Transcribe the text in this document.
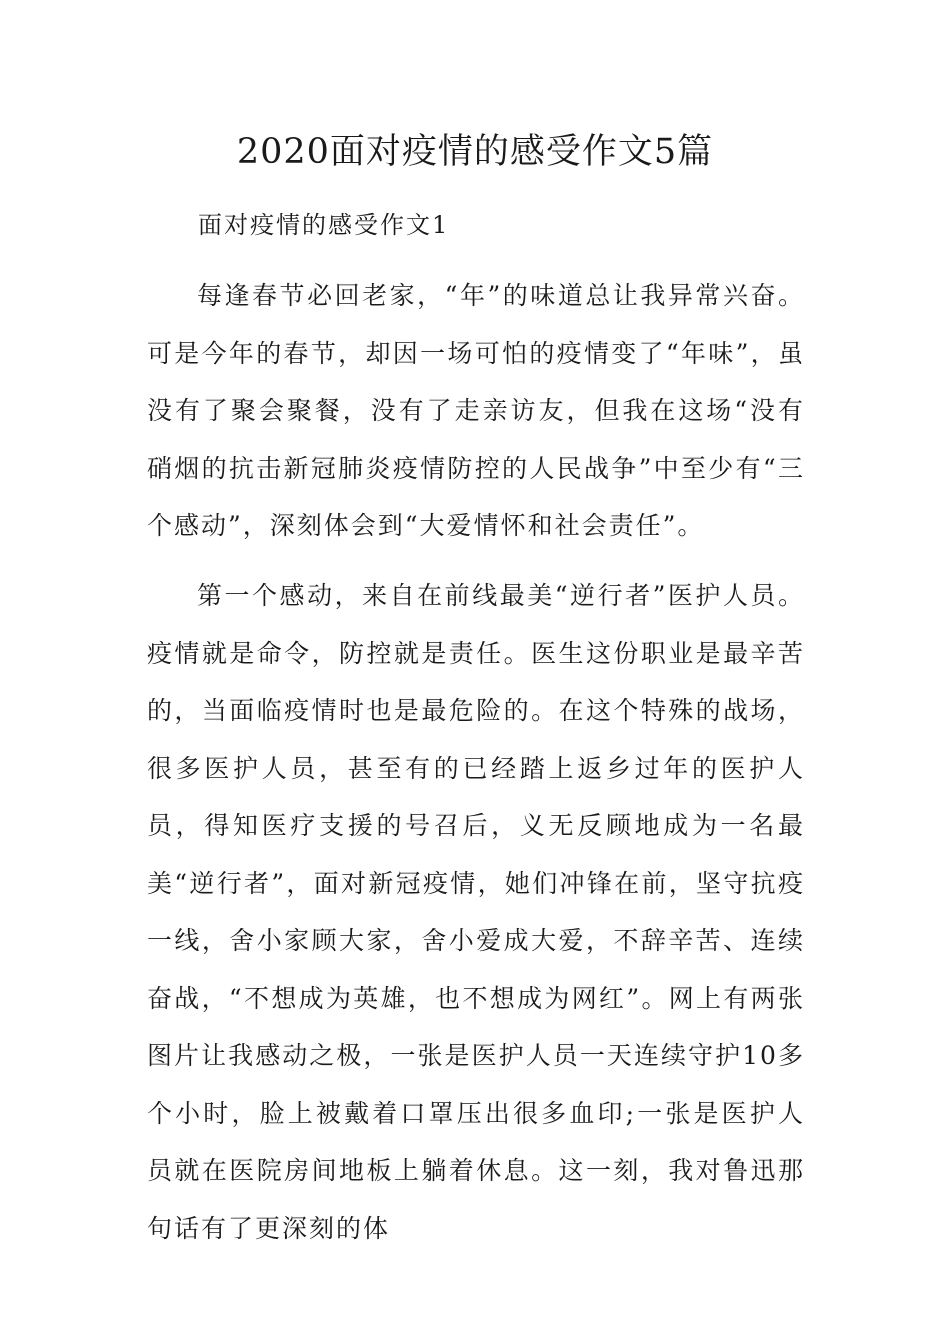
2020面对疫情的感受作文5篇
面对疫情的感受作文1

每逢春节必回老家，“年”的味道总让我异常兴奋。可是今年的春节，却因一场可怕的疫情变了“年味”，虽没有了聚会聚餐，没有了走亲访友，但我在这场“没有硝烟的抗击新冠肺炎疫情防控的人民战争”中至少有“三个感动”，深刻体会到“大爱情怀和社会责任”。

第一个感动，来自在前线最美“逆行者”医护人员。疫情就是命令，防控就是责任。医生这份职业是最辛苦的，当面临疫情时也是最危险的。在这个特殊的战场，很多医护人员，甚至有的已经踏上返乡过年的医护人员，得知医疗支援的号召后，义无反顾地成为一名最美“逆行者”，面对新冠疫情，她们冲锋在前，坚守抗疫一线，舍小家顾大家，舍小爱成大爱，不辞辛苦、连续奋战，“不想成为英雄，也不想成为网红”。网上有两张图片让我感动之极，一张是医护人员一天连续守护10多个小时，脸上被戴着口罩压出很多血印;一张是医护人员就在医院房间地板上躺着休息。这一刻，我对鲁迅那句话有了更深刻的体
